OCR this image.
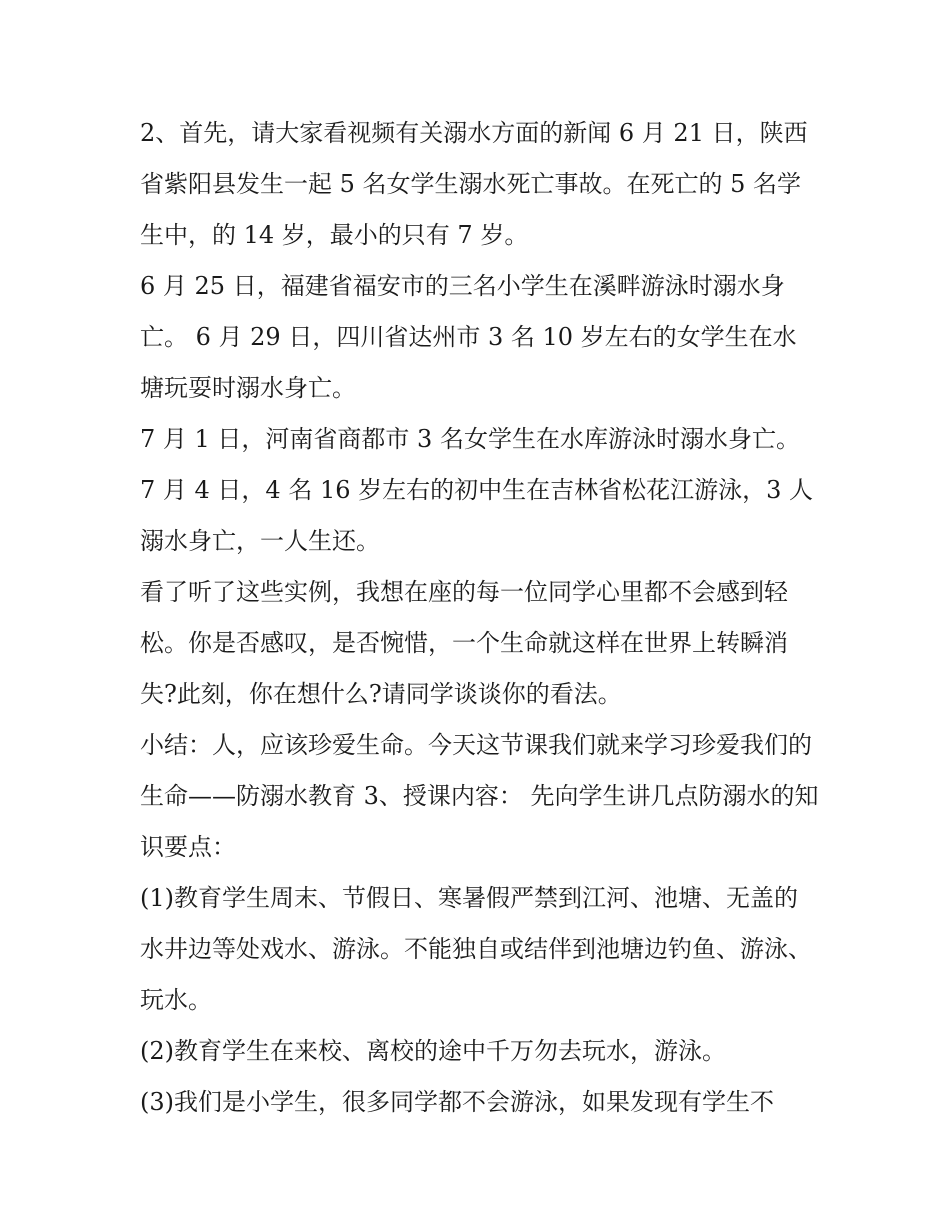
2、首先，请大家看视频有关溺水方面的新闻 6 月 21 日，陕西省紫阳县发生一起 5 名女学生溺水死亡事故。在死亡的 5 名学生中，的 14 岁，最小的只有 7 岁。

6 月 25 日，福建省福安市的三名小学生在溪畔游泳时溺水身亡。 6 月 29 日，四川省达州市 3 名 10 岁左右的女学生在水塘玩耍时溺水身亡。

7 月 1 日，河南省商都市 3 名女学生在水库游泳时溺水身亡。

7 月 4 日，4 名 16 岁左右的初中生在吉林省松花江游泳，3 人溺水身亡，一人生还。

看了听了这些实例，我想在座的每一位同学心里都不会感到轻松。你是否感叹，是否惋惜，一个生命就这样在世界上转瞬消失?此刻，你在想什么?请同学谈谈你的看法。

小结：人，应该珍爱生命。今天这节课我们就来学习珍爱我们的生命——防溺水教育 3、授课内容： 先向学生讲几点防溺水的知识要点：

(1)教育学生周末、节假日、寒暑假严禁到江河、池塘、无盖的水井边等处戏水、游泳。不能独自或结伴到池塘边钓鱼、游泳、玩水。

(2)教育学生在来校、离校的途中千万勿去玩水，游泳。

(3)我们是小学生，很多同学都不会游泳，如果发现有学生不
